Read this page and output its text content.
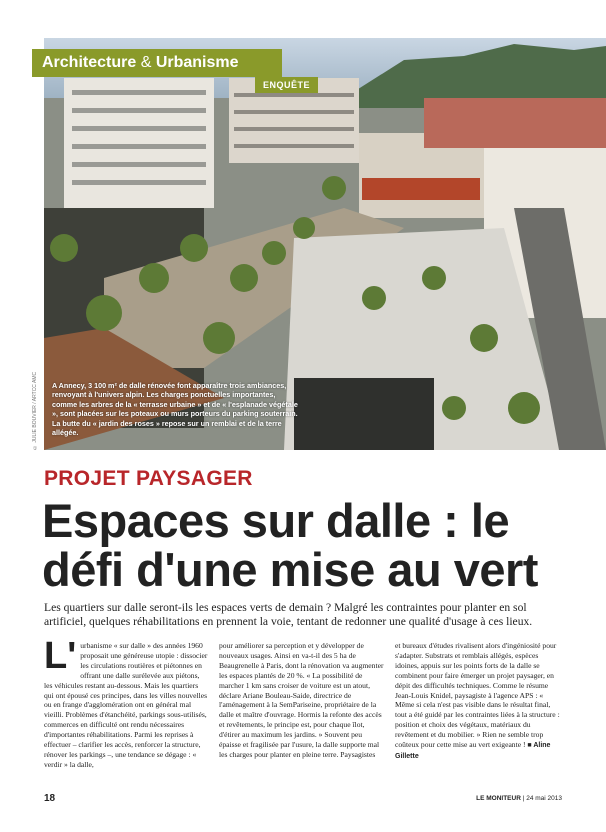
Architecture & Urbanisme
ENQUÊTE
© JULIE BOUVIER / ARTCC AMC	A Annecy, 3 100 m² de dalle rénovée font apparaître trois ambiances, renvoyant à l'univers alpin. Les charges ponctuelles importantes, comme les arbres de la « terrasse urbaine » et de « l'esplanade végétale », sont placées sur les poteaux ou murs porteurs du parking souterrain. La butte du « jardin des roses » repose sur un remblai et de la terre allégée.
PROJET PAYSAGER
Espaces sur dalle : le défi d'une mise au vert
Les quartiers sur dalle seront-ils les espaces verts de demain ? Malgré les contraintes pour planter en sol artificiel, quelques réhabilitations en prennent la voie, tentant de redonner une qualité d'usage à ces lieux.
L' urbanisme « sur dalle » des années 1960 proposait une généreuse utopie : dissocier les circulations routières et piétonnes en offrant une dalle surélevée aux piétons, les véhicules restant au-dessous. Mais les quartiers qui ont épousé ces principes, dans les villes nouvelles ou en frange d'agglomération ont en général mal vieilli. Problèmes d'étanchéité, parkings sous-utilisés, commerces en difficulté ont rendu nécessaires d'importantes réhabilitations. Parmi les reprises à effectuer – clarifier les accès, renforcer la structure, rénover les parkings –, une tendance se dégage : « verdir » la dalle,
pour améliorer sa perception et y développer de nouveaux usages. Ainsi en va-t-il des 5 ha de Beaugrenelle à Paris, dont la rénovation va augmenter les espaces plantés de 20 %. « La possibilité de marcher 1 km sans croiser de voiture est un atout, déclare Ariane Bouleau-Saide, directrice de l'aménagement à la SemPariseine, propriétaire de la dalle et maître d'ouvrage. Hormis la refonte des accès et revêtements, le principe est, pour chaque îlot, d'étirer au maximum les jardins. » Souvent peu épaisse et fragilisée par l'usure, la dalle supporte mal les charges pour planter en pleine terre. Paysagistes
et bureaux d'études rivalisent alors d'ingéniosité pour s'adapter. Substrats et remblais allégés, espèces idoines, appuis sur les points forts de la dalle se combinent pour faire émerger un projet paysager, en dépit des difficultés techniques. Comme le résume Jean-Louis Knidel, paysagiste à l'agence APS : « Même si cela n'est pas visible dans le résultat final, tout a été guidé par les contraintes liées à la structure : position et choix des végétaux, matériaux du revêtement et du mobilier. » Rien ne semble trop coûteux pour cette mise au vert exigeante ! ■ Aline Gillette
18	LE MONITEUR | 24 mai 2013
